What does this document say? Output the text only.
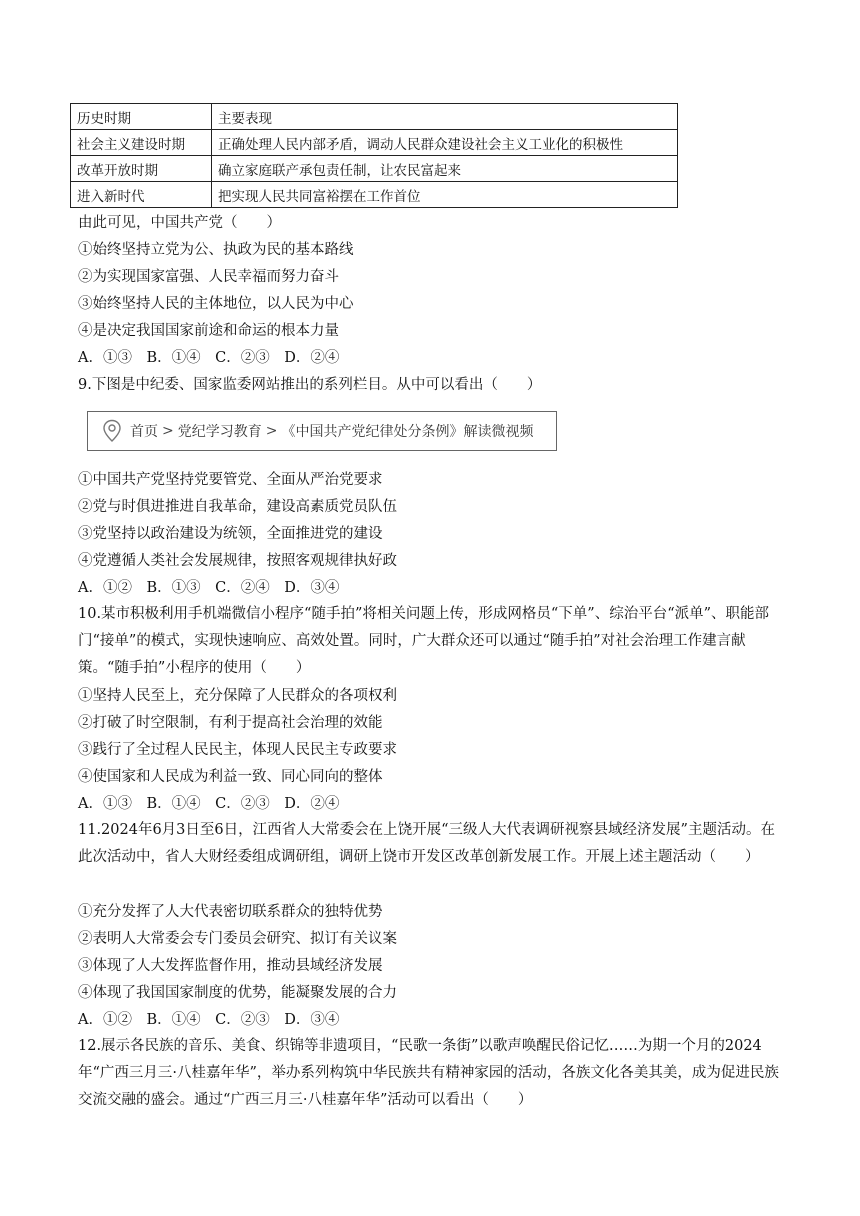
历史时期	主要表现
社会主义建设时期	正确处理人民内部矛盾，调动人民群众建设社会主义工业化的积极性
改革开放时期	确立家庭联产承包责任制，让农民富起来
进入新时代	把实现人民共同富裕摆在工作首位
由此可见，中国共产党（　　）
①始终坚持立党为公、执政为民的基本路线
②为实现国家富强、人民幸福而努力奋斗
③始终坚持人民的主体地位，以人民为中心
④是决定我国国家前途和命运的根本力量
A．①③　B．①④　C．②③　D．②④
9.下图是中纪委、国家监委网站推出的系列栏目。从中可以看出（　　）
首页 > 党纪学习教育 > 《中国共产党纪律处分条例》解读微视频
①中国共产党坚持党要管党、全面从严治党要求
②党与时俱进推进自我革命，建设高素质党员队伍
③党坚持以政治建设为统领，全面推进党的建设
④党遵循人类社会发展规律，按照客观规律执好政
A．①②　B．①③　C．②④　D．③④
10.某市积极利用手机端微信小程序“随手拍”将相关问题上传，形成网格员“下单”、综治平台“派单”、职能部门“接单”的模式，实现快速响应、高效处置。同时，广大群众还可以通过“随手拍”对社会治理工作建言献策。“随手拍”小程序的使用（　　）
①坚持人民至上，充分保障了人民群众的各项权利
②打破了时空限制，有利于提高社会治理的效能
③践行了全过程人民民主，体现人民民主专政要求
④使国家和人民成为利益一致、同心同向的整体
A．①③　B．①④　C．②③　D．②④
11.2024年6月3日至6日，江西省人大常委会在上饶开展“三级人大代表调研视察县域经济发展”主题活动。在此次活动中，省人大财经委组成调研组，调研上饶市开发区改革创新发展工作。开展上述主题活动（　　）
①充分发挥了人大代表密切联系群众的独特优势
②表明人大常委会专门委员会研究、拟订有关议案
③体现了人大发挥监督作用，推动县域经济发展
④体现了我国国家制度的优势，能凝聚发展的合力
A．①②　B．①④　C．②③　D．③④
12.展示各民族的音乐、美食、织锦等非遗项目，“民歌一条街”以歌声唤醒民俗记忆……为期一个月的2024年“广西三月三·八桂嘉年华”，举办系列构筑中华民族共有精神家园的活动，各族文化各美其美，成为促进民族交流交融的盛会。通过“广西三月三·八桂嘉年华”活动可以看出（　　）
